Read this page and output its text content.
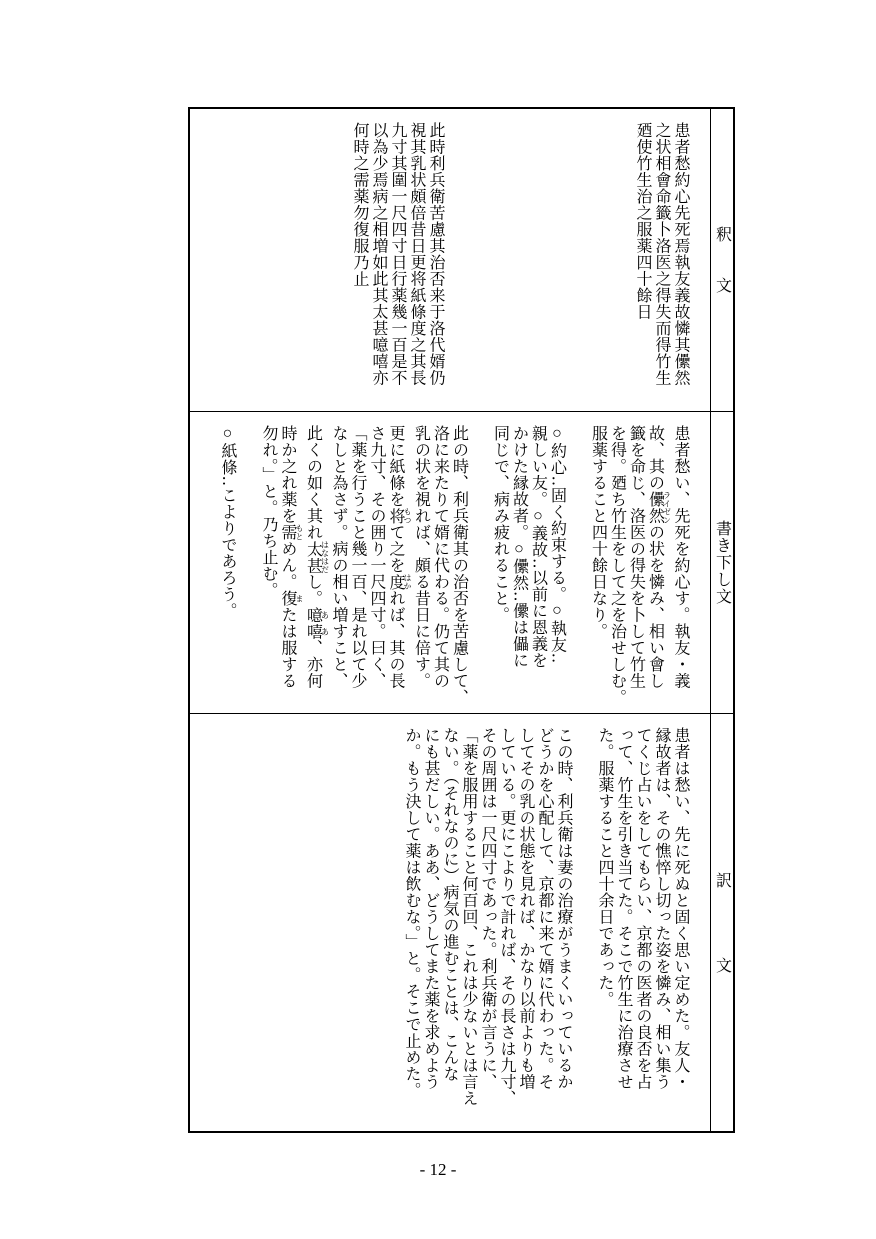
患者愁約心先死焉執友義故憐其儽然
之状相會命籤卜洛医之得失而得竹生
廼使竹生治之服薬四十餘日
此時利兵衛苦慮其治否来于洛代婿仍
視其乳状頗倍昔日更将紙條度之其長
九寸其圍一尺四寸日行薬幾一百是不
以為少焉病之相増如此其太甚噫嘻亦
何時之需薬勿復服乃止	釈　　文
患者愁い、先死を約心す。執友・義
故、其の儽然 ライゼンの状を憐み、相い會し
籤を命じ、洛医の得失を卜して竹生
を得。廼ち竹生をして之を治せしむ。
服薬すること四十餘日なり。
○約心‥固く約束する。○執友‥
親しい友。○義故‥以前に恩義を
かけた縁故者。○儽然‥儽は儡に
同じで、病み疲れること。
此の時、利兵衛其の治否を苦慮して、
洛に来たりて婿に代わる。仍て其の
乳の状を視れば、頗る昔日に倍す。
更に紙條を将 もつて之を度 はかれば、其の長
さ九寸、その囲り一尺四寸。曰く、
「薬を行うこと幾一百、是れ以て少
なしと為さず。病の相い増すこと、
此くの如く其れ太甚 はなはだし。噫嘻 ああ、亦何
時か之れ薬を需 もとめん。復 または服する
勿れ。」と。乃ち止む。
○紙條‥こよりであろう。	書き下し文
患者は愁い、先に死ぬと固く思い定めた。友人・
縁故者は、その憔悴し切った姿を憐み、相い集う
てくじ占いをしてもらい、京都の医者の良否を占
って、竹生を引き当てた。そこで竹生に治療させ
た。服薬すること四十余日であった。
この時、利兵衛は妻の治療がうまくいっているか
どうかを心配して、京都に来て婿に代わった。そ
してその乳の状態を見れば、かなり以前よりも増
している。更にこよりで計れば、その長さは九寸、
その周囲は一尺四寸であった。利兵衛が言うに、
「薬を服用すること何百回、これは少ないとは言え
ない。（それなのに）病気の進むことは、こんな
にも甚だしい。ああ、どうしてまた薬を求めよう
か。もう決して薬は飲むな。」と。そこで止めた。	訳　　　　文
- 12 -
